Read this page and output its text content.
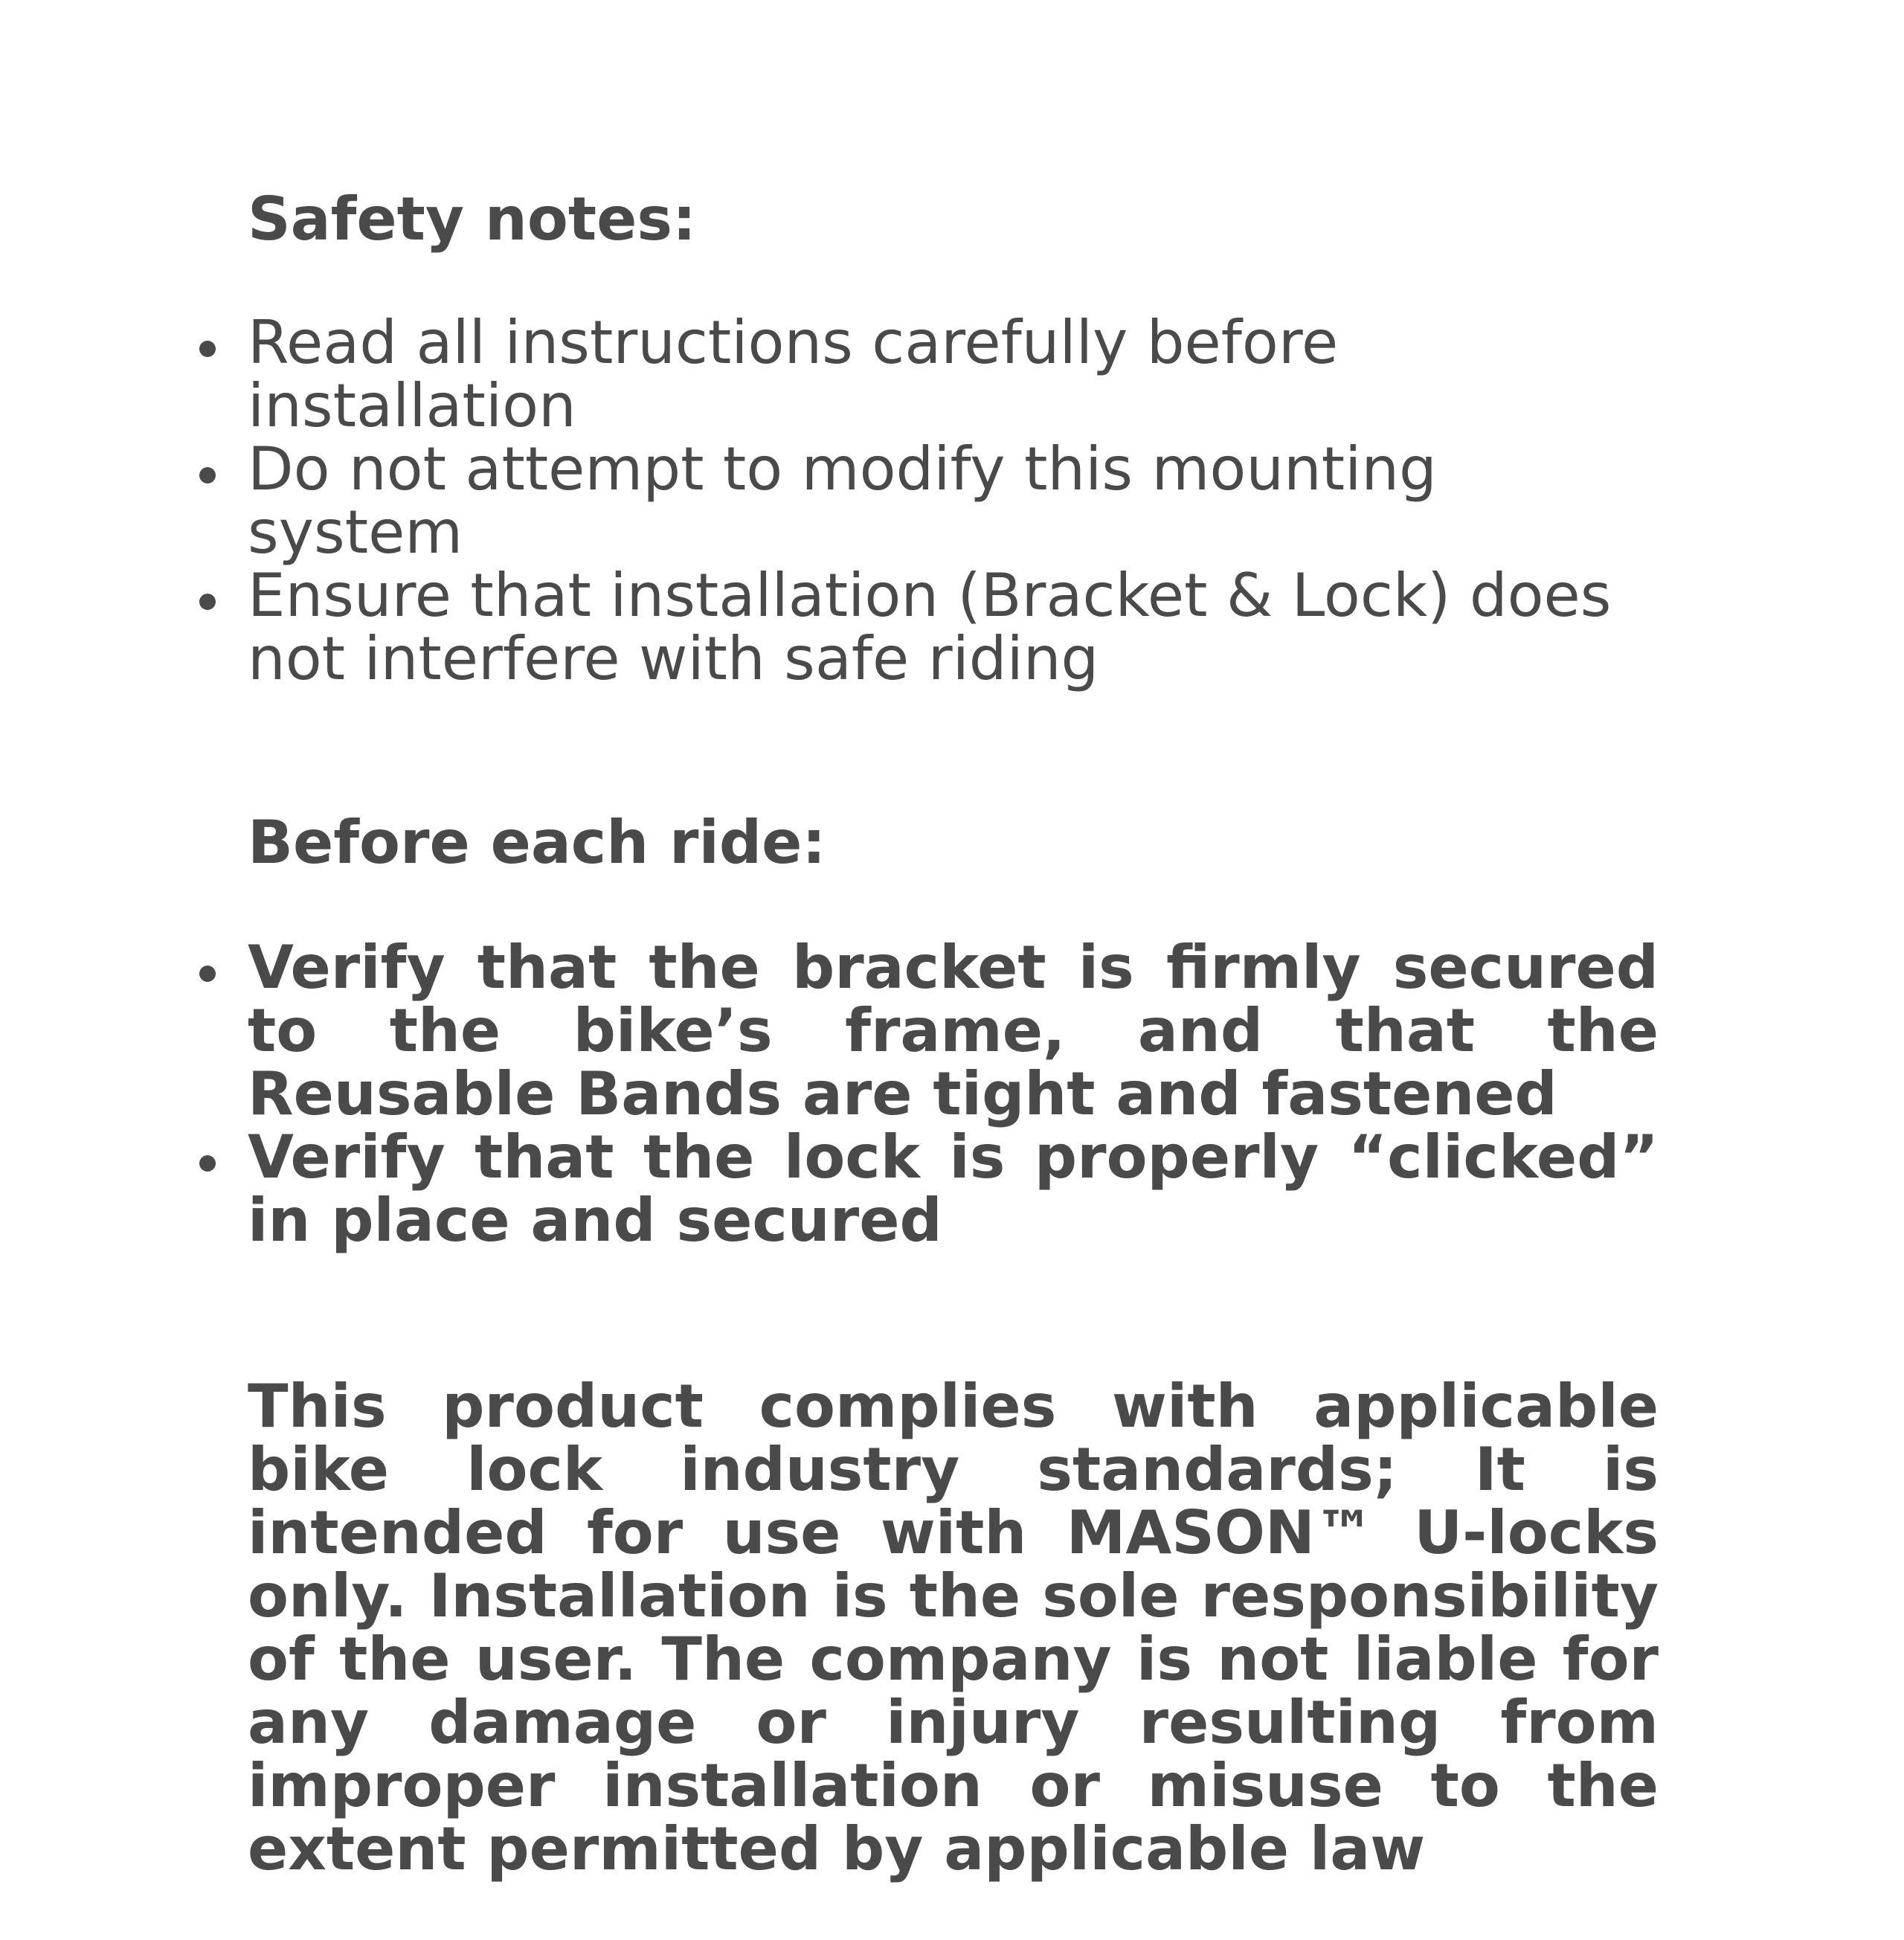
Safety notes:
Read all instructions carefully before installation
Do not attempt to modify this mounting system
Ensure that installation (Bracket & Lock) does not interfere with safe riding
Before each ride:
Verify that the bracket is firmly secured to the bike’s frame, and that the Reusable Bands are tight and fastened
Verify that the lock is properly “clicked” in place and secured

This product complies with applicable bike lock industry standards; It is intended for use with MASON™ U-locks only. Installation is the sole responsibility of the user. The company is not liable for any damage or injury resulting from improper installation or misuse to the extent permitted by applicable law
